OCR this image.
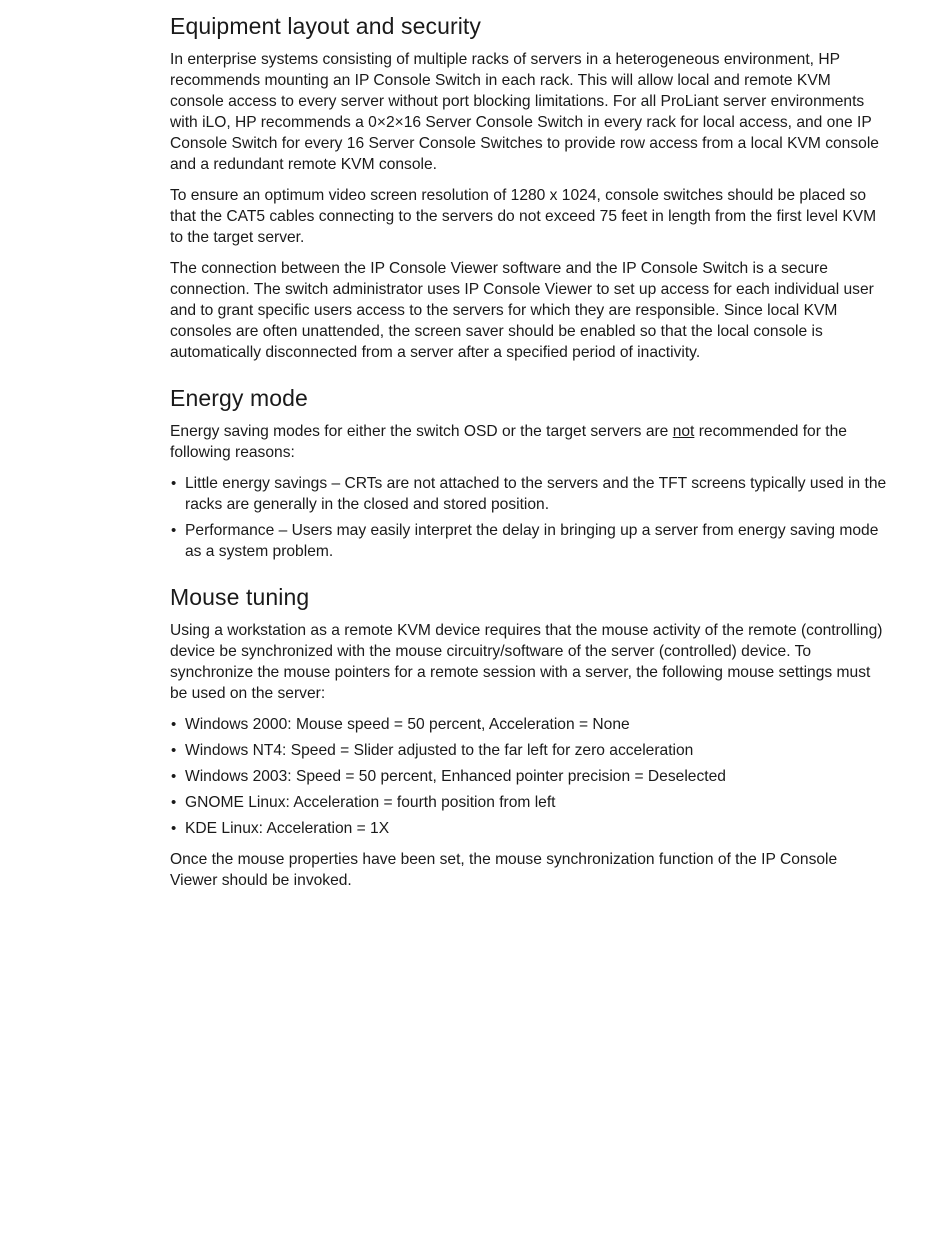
Equipment layout and security

In enterprise systems consisting of multiple racks of servers in a heterogeneous environment, HP recommends mounting an IP Console Switch in each rack. This will allow local and remote KVM console access to every server without port blocking limitations. For all ProLiant server environments with iLO, HP recommends a 0×2×16 Server Console Switch in every rack for local access, and one IP Console Switch for every 16 Server Console Switches to provide row access from a local KVM console and a redundant remote KVM console.

To ensure an optimum video screen resolution of 1280 x 1024, console switches should be placed so that the CAT5 cables connecting to the servers do not exceed 75 feet in length from the first level KVM to the target server.

The connection between the IP Console Viewer software and the IP Console Switch is a secure connection. The switch administrator uses IP Console Viewer to set up access for each individual user and to grant specific users access to the servers for which they are responsible. Since local KVM consoles are often unattended, the screen saver should be enabled so that the local console is automatically disconnected from a server after a specified period of inactivity.

Energy mode

Energy saving modes for either the switch OSD or the target servers are not recommended for the following reasons:

• Little energy savings – CRTs are not attached to the servers and the TFT screens typically used in the racks are generally in the closed and stored position.
• Performance – Users may easily interpret the delay in bringing up a server from energy saving mode as a system problem.
Mouse tuning

Using a workstation as a remote KVM device requires that the mouse activity of the remote (controlling) device be synchronized with the mouse circuitry/software of the server (controlled) device. To synchronize the mouse pointers for a remote session with a server, the following mouse settings must be used on the server:

• Windows 2000: Mouse speed = 50 percent, Acceleration = None
• Windows NT4: Speed = Slider adjusted to the far left for zero acceleration
• Windows 2003: Speed = 50 percent, Enhanced pointer precision = Deselected
• GNOME Linux: Acceleration = fourth position from left
• KDE Linux: Acceleration = 1X

Once the mouse properties have been set, the mouse synchronization function of the IP Console Viewer should be invoked.
